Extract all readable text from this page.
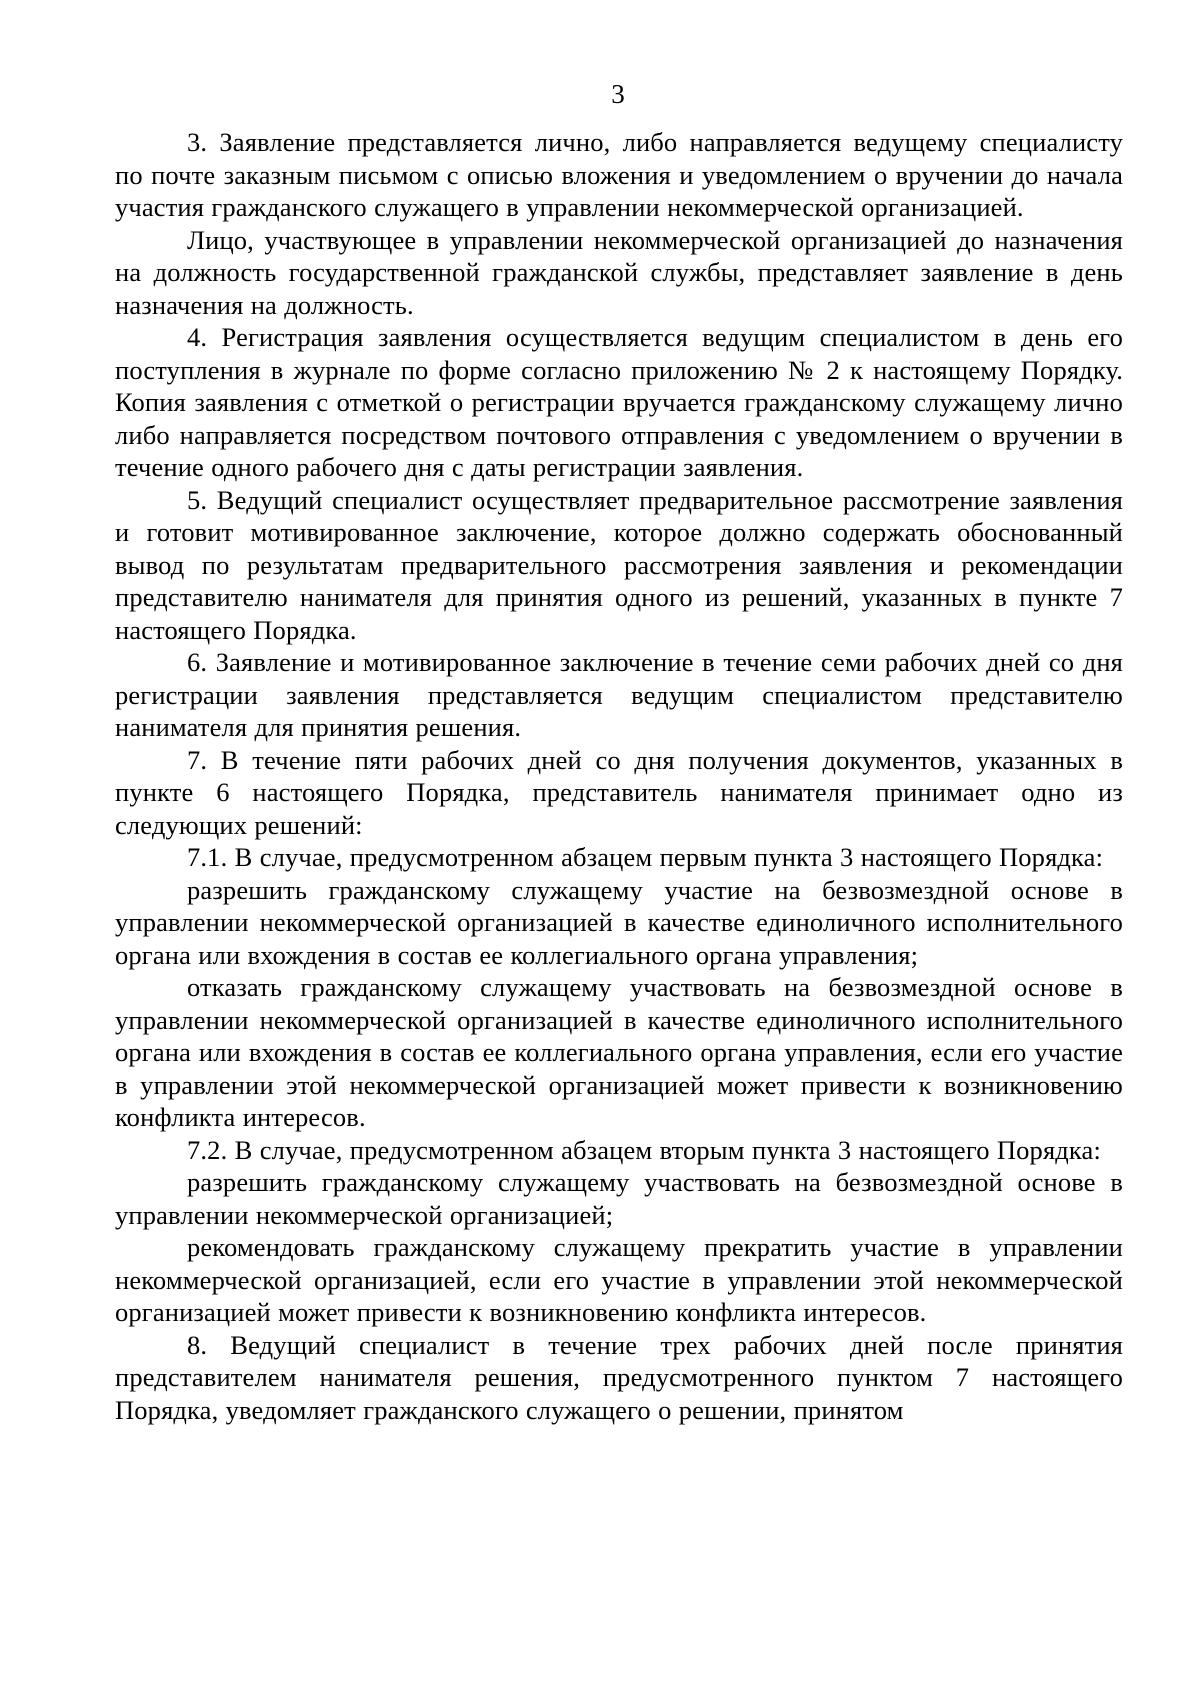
3

3. Заявление представляется лично, либо направляется ведущему специалисту по почте заказным письмом с описью вложения и уведомлением о вручении до начала участия гражданского служащего в управлении некоммерческой организацией.

Лицо, участвующее в управлении некоммерческой организацией до назначения на должность государственной гражданской службы, представляет заявление в день назначения на должность.

4. Регистрация заявления осуществляется ведущим специалистом в день его поступления в журнале по форме согласно приложению № 2 к настоящему Порядку. Копия заявления с отметкой о регистрации вручается гражданскому служащему лично либо направляется посредством почтового отправления с уведомлением о вручении в течение одного рабочего дня с даты регистрации заявления.

5. Ведущий специалист осуществляет предварительное рассмотрение заявления и готовит мотивированное заключение, которое должно содержать обоснованный вывод по результатам предварительного рассмотрения заявления и рекомендации представителю нанимателя для принятия одного из решений, указанных в пункте 7 настоящего Порядка.

6. Заявление и мотивированное заключение в течение семи рабочих дней со дня регистрации заявления представляется ведущим специалистом представителю нанимателя для принятия решения.

7. В течение пяти рабочих дней со дня получения документов, указанных в пункте 6 настоящего Порядка, представитель нанимателя принимает одно из следующих решений:

7.1. В случае, предусмотренном абзацем первым пункта 3 настоящего Порядка:

разрешить гражданскому служащему участие на безвозмездной основе в управлении некоммерческой организацией в качестве единоличного исполнительного органа или вхождения в состав ее коллегиального органа управления;

отказать гражданскому служащему участвовать на безвозмездной основе в управлении некоммерческой организацией в качестве единоличного исполнительного органа или вхождения в состав ее коллегиального органа управления, если его участие в управлении этой некоммерческой организацией может привести к возникновению конфликта интересов.

7.2. В случае, предусмотренном абзацем вторым пункта 3 настоящего Порядка:

разрешить гражданскому служащему участвовать на безвозмездной основе в управлении некоммерческой организацией;

рекомендовать гражданскому служащему прекратить участие в управлении некоммерческой организацией, если его участие в управлении этой некоммерческой организацией может привести к возникновению конфликта интересов.

8. Ведущий специалист в течение трех рабочих дней после принятия представителем нанимателя решения, предусмотренного пунктом 7 настоящего Порядка, уведомляет гражданского служащего о решении, принятом
